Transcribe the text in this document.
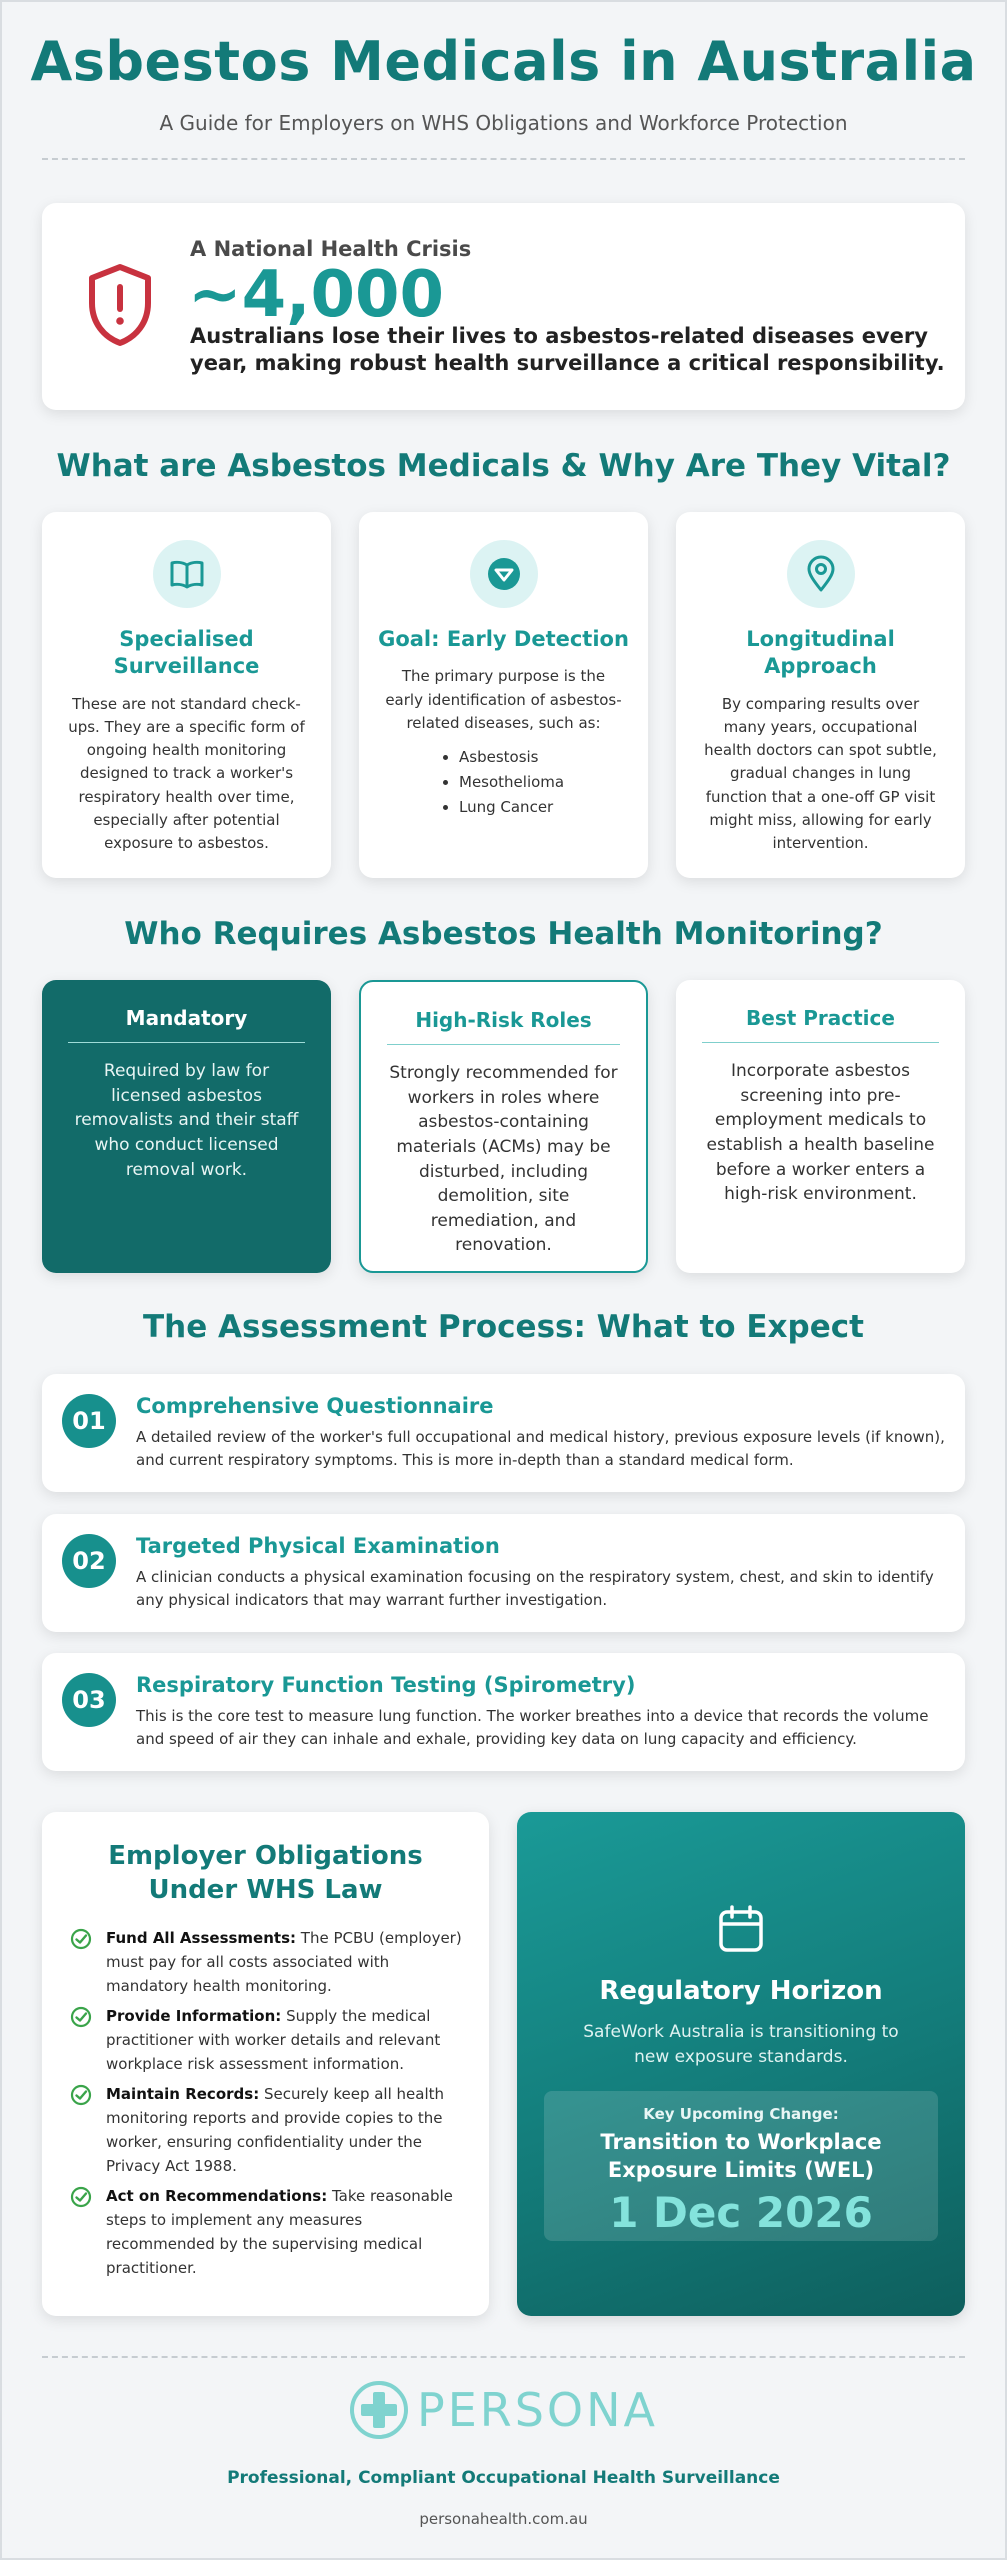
Asbestos Medicals in Australia
A Guide for Employers on WHS Obligations and Workforce Protection
A National Health Crisis
~4,000
Australians lose their lives to asbestos-related diseases every year, making robust health surveillance a critical responsibility.
What are Asbestos Medicals & Why Are They Vital?
Specialised Surveillance

These are not standard check-ups. They are a specific form of ongoing health monitoring designed to track a worker's respiratory health over time, especially after potential exposure to asbestos.

Goal: Early Detection

The primary purpose is the early identification of asbestos-related diseases, such as:

• Asbestosis
• Mesothelioma
• Lung Cancer
Longitudinal Approach

By comparing results over many years, occupational health doctors can spot subtle, gradual changes in lung function that a one-off GP visit might miss, allowing for early intervention.

Who Requires Asbestos Health Monitoring?
Mandatory

Required by law for licensed asbestos removalists and their staff who conduct licensed removal work.

High-Risk Roles

Strongly recommended for workers in roles where asbestos-containing materials (ACMs) may be disturbed, including demolition, site remediation, and renovation.

Best Practice

Incorporate asbestos screening into pre-employment medicals to establish a health baseline before a worker enters a high-risk environment.

The Assessment Process: What to Expect
01
Comprehensive Questionnaire

A detailed review of the worker's full occupational and medical history, previous exposure levels (if known), and current respiratory symptoms. This is more in-depth than a standard medical form.

02
Targeted Physical Examination

A clinician conducts a physical examination focusing on the respiratory system, chest, and skin to identify any physical indicators that may warrant further investigation.

03
Respiratory Function Testing (Spirometry)

This is the core test to measure lung function. The worker breathes into a device that records the volume and speed of air they can inhale and exhale, providing key data on lung capacity and efficiency.

Employer Obligations Under WHS Law

Fund All Assessments: The PCBU (employer) must pay for all costs associated with mandatory health monitoring.

Provide Information: Supply the medical practitioner with worker details and relevant workplace risk assessment information.

Maintain Records: Securely keep all health monitoring reports and provide copies to the worker, ensuring confidentiality under the Privacy Act 1988.

Act on Recommendations: Take reasonable steps to implement any measures recommended by the supervising medical practitioner.

Regulatory Horizon
SafeWork Australia is transitioning to new exposure standards.
Key Upcoming Change:
Transition to Workplace Exposure Limits (WEL)
1 Dec 2026
PERSONA
Professional, Compliant Occupational Health Surveillance
personahealth.com.au
